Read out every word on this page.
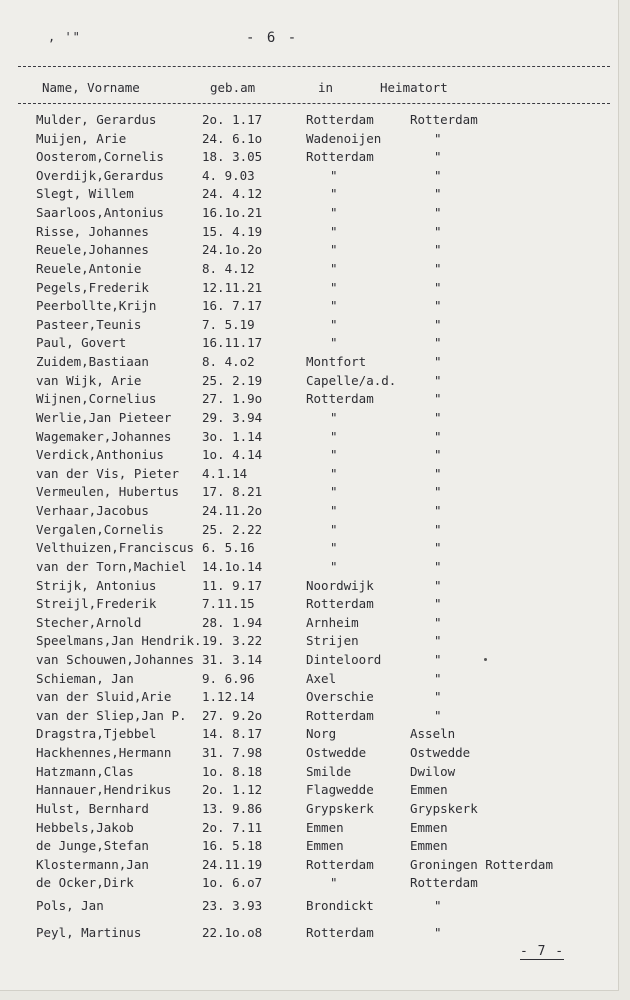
, '"	- 6 -
Name, Vorname	geb.am	in	Heimatort
Mulder, Gerardus	2o. 1.17	Rotterdam	Rotterdam
Muijen, Arie	24. 6.1o	Wadenoijen	"
Oosterom,Cornelis	18. 3.05	Rotterdam	"
Overdijk,Gerardus	4. 9.03	"	"
Slegt, Willem	24. 4.12	"	"
Saarloos,Antonius	16.1o.21	"	"
Risse, Johannes	15. 4.19	"	"
Reuele,Johannes	24.1o.2o	"	"
Reuele,Antonie	8. 4.12	"	"
Pegels,Frederik	12.11.21	"	"
Peerbollte,Krijn	16. 7.17	"	"
Pasteer,Teunis	7. 5.19	"	"
Paul, Govert	16.11.17	"	"
Zuidem,Bastiaan	8. 4.o2	Montfort	"
van Wijk, Arie	25. 2.19	Capelle/a.d.	"
Wijnen,Cornelius	27. 1.9o	Rotterdam	"
Werlie,Jan Pieteer 29. 3.94	"	"
Wagemaker,Johannes 3o. 1.14	"	"
Verdick,Anthonius	1o. 4.14	"	"
van der Vis, Pieter 4.1.14	"	"
Vermeulen, Hubertus 17. 8.21	"	"
Verhaar,Jacobus	24.11.2o	"	"
Vergalen,Cornelis	25. 2.22	"	"
Velthuizen,Franciscus 6. 5.16	"	"
van der Torn,Machiel 14.1o.14	"	"
Strijk, Antonius	11. 9.17	Noordwijk	"
Streijl,Frederik	7.11.15	Rotterdam	"
Stecher,Arnold	28. 1.94	Arnheim	"
Speelmans,Jan Hendrik. 19. 3.22	Strijen	"
van Schouwen,Johannes 31. 3.14	Dinteloord	"
Schieman, Jan	9. 6.96	Axel	"
van der Sluid,Arie 1.12.14	Overschie	"
van der Sliep,Jan P. 27. 9.2o	Rotterdam	"
Dragstra,Tjebbel	14. 8.17	Norg	Asseln
Hackhennes,Hermann 31. 7.98	Ostwedde	Ostwedde
Hatzmann,Clas	1o. 8.18	Smilde	Dwilow
Hannauer,Hendrikus 2o. 1.12	Flagwedde	Emmen
Hulst, Bernhard	13. 9.86	Grypskerk	Grypskerk
Hebbels,Jakob	2o. 7.11	Emmen	Emmen
de Junge,Stefan	16. 5.18	Emmen	Emmen
Klostermann,Jan	24.11.19	Rotterdam	Groningen Rotterdam
de Ocker,Dirk	1o. 6.o7	"	Rotterdam
Pols, Jan	23. 3.93	Brondickt	"
Peyl, Martinus	22.1o.o8	Rotterdam	"
- 7 -
